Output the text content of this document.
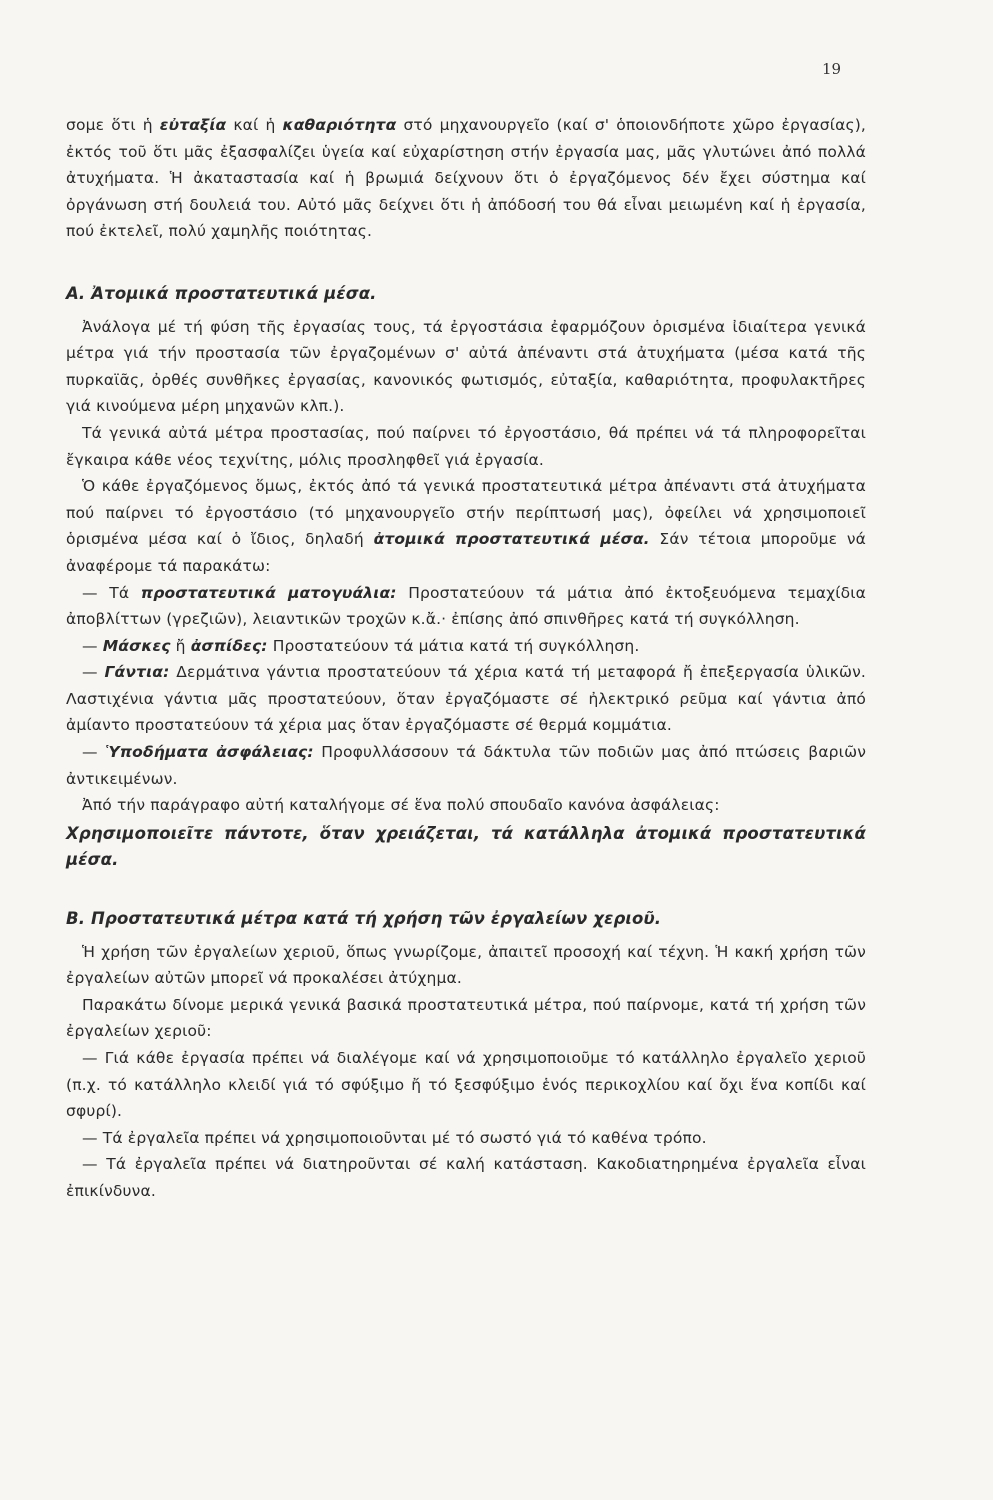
19

σομε ὅτι ἡ εὐταξία καί ἡ καθαριότητα στό μηχανουργεῖο (καί σ' ὁποιονδήποτε χῶρο ἐργασίας), ἐκτός τοῦ ὅτι μᾶς ἐξασφαλίζει ὑγεία καί εὐχαρίστηση στήν ἐργασία μας, μᾶς γλυτώνει ἀπό πολλά ἀτυχήματα. Ἡ ἀκαταστασία καί ἡ βρωμιά δείχνουν ὅτι ὁ ἐργαζόμενος δέν ἔχει σύστημα καί ὀργάνωση στή δουλειά του. Αὐτό μᾶς δείχνει ὅτι ἡ ἀπόδοσή του θά εἶναι μειωμένη καί ἡ ἐργασία, πού ἐκτελεῖ, πολύ χαμηλῆς ποιότητας.

Α. Ἀτομικά προστατευτικά μέσα.

Ἀνάλογα μέ τή φύση τῆς ἐργασίας τους, τά ἐργοστάσια ἐφαρμόζουν ὁρισμένα ἰδιαίτερα γενικά μέτρα γιά τήν προστασία τῶν ἐργαζομένων σ' αὐτά ἀπέναντι στά ἀτυχήματα (μέσα κατά τῆς πυρκαϊᾶς, ὀρθές συνθῆκες ἐργασίας, κανονικός φωτισμός, εὐταξία, καθαριότητα, προφυλακτῆρες γιά κινούμενα μέρη μηχανῶν κλπ.).

Τά γενικά αὐτά μέτρα προστασίας, πού παίρνει τό ἐργοστάσιο, θά πρέπει νά τά πληροφορεῖται ἔγκαιρα κάθε νέος τεχνίτης, μόλις προσληφθεῖ γιά ἐργασία.

Ὁ κάθε ἐργαζόμενος ὅμως, ἐκτός ἀπό τά γενικά προστατευτικά μέτρα ἀπέναντι στά ἀτυχήματα πού παίρνει τό ἐργοστάσιο (τό μηχανουργεῖο στήν περίπτωσή μας), ὀφείλει νά χρησιμοποιεῖ ὁρισμένα μέσα καί ὁ ἴδιος, δηλαδή ἀτομικά προστατευτικά μέσα. Σάν τέτοια μποροῦμε νά ἀναφέρομε τά παρακάτω:

— Τά προστατευτικά ματογυάλια: Προστατεύουν τά μάτια ἀπό ἐκτοξευόμενα τεμαχίδια ἀποβλίττων (γρεζιῶν), λειαντικῶν τροχῶν κ.ἄ.· ἐπίσης ἀπό σπινθῆρες κατά τή συγκόλληση.

— Μάσκες ἤ ἀσπίδες: Προστατεύουν τά μάτια κατά τή συγκόλληση.

— Γάντια: Δερμάτινα γάντια προστατεύουν τά χέρια κατά τή μεταφορά ἤ ἐπεξεργασία ὑλικῶν. Λαστιχένια γάντια μᾶς προστατεύουν, ὅταν ἐργαζόμαστε σέ ἠλεκτρικό ρεῦμα καί γάντια ἀπό ἀμίαντο προστατεύουν τά χέρια μας ὅταν ἐργαζόμαστε σέ θερμά κομμάτια.

— Ὑποδήματα ἀσφάλειας: Προφυλλάσσουν τά δάκτυλα τῶν ποδιῶν μας ἀπό πτώσεις βαριῶν ἀντικειμένων.

Ἀπό τήν παράγραφο αὐτή καταλήγομε σέ ἕνα πολύ σπουδαῖο κανόνα ἀσφάλειας:

Χρησιμοποιεῖτε πάντοτε, ὅταν χρειάζεται, τά κατάλληλα ἀτομικά προστατευτικά μέσα.

Β. Προστατευτικά μέτρα κατά τή χρήση τῶν ἐργαλείων χεριοῦ.

Ἡ χρήση τῶν ἐργαλείων χεριοῦ, ὅπως γνωρίζομε, ἀπαιτεῖ προσοχή καί τέχνη. Ἡ κακή χρήση τῶν ἐργαλείων αὐτῶν μπορεῖ νά προκαλέσει ἀτύχημα.

Παρακάτω δίνομε μερικά γενικά βασικά προστατευτικά μέτρα, πού παίρνομε, κατά τή χρήση τῶν ἐργαλείων χεριοῦ:

— Γιά κάθε ἐργασία πρέπει νά διαλέγομε καί νά χρησιμοποιοῦμε τό κατάλληλο ἐργαλεῖο χεριοῦ (π.χ. τό κατάλληλο κλειδί γιά τό σφύξιμο ἤ τό ξεσφύξιμο ἑνός περικοχλίου καί ὄχι ἕνα κοπίδι καί σφυρί).

— Τά ἐργαλεῖα πρέπει νά χρησιμοποιοῦνται μέ τό σωστό γιά τό καθένα τρόπο.

— Τά ἐργαλεῖα πρέπει νά διατηροῦνται σέ καλή κατάσταση. Κακοδιατηρημένα ἐργαλεῖα εἶναι ἐπικίνδυνα.
